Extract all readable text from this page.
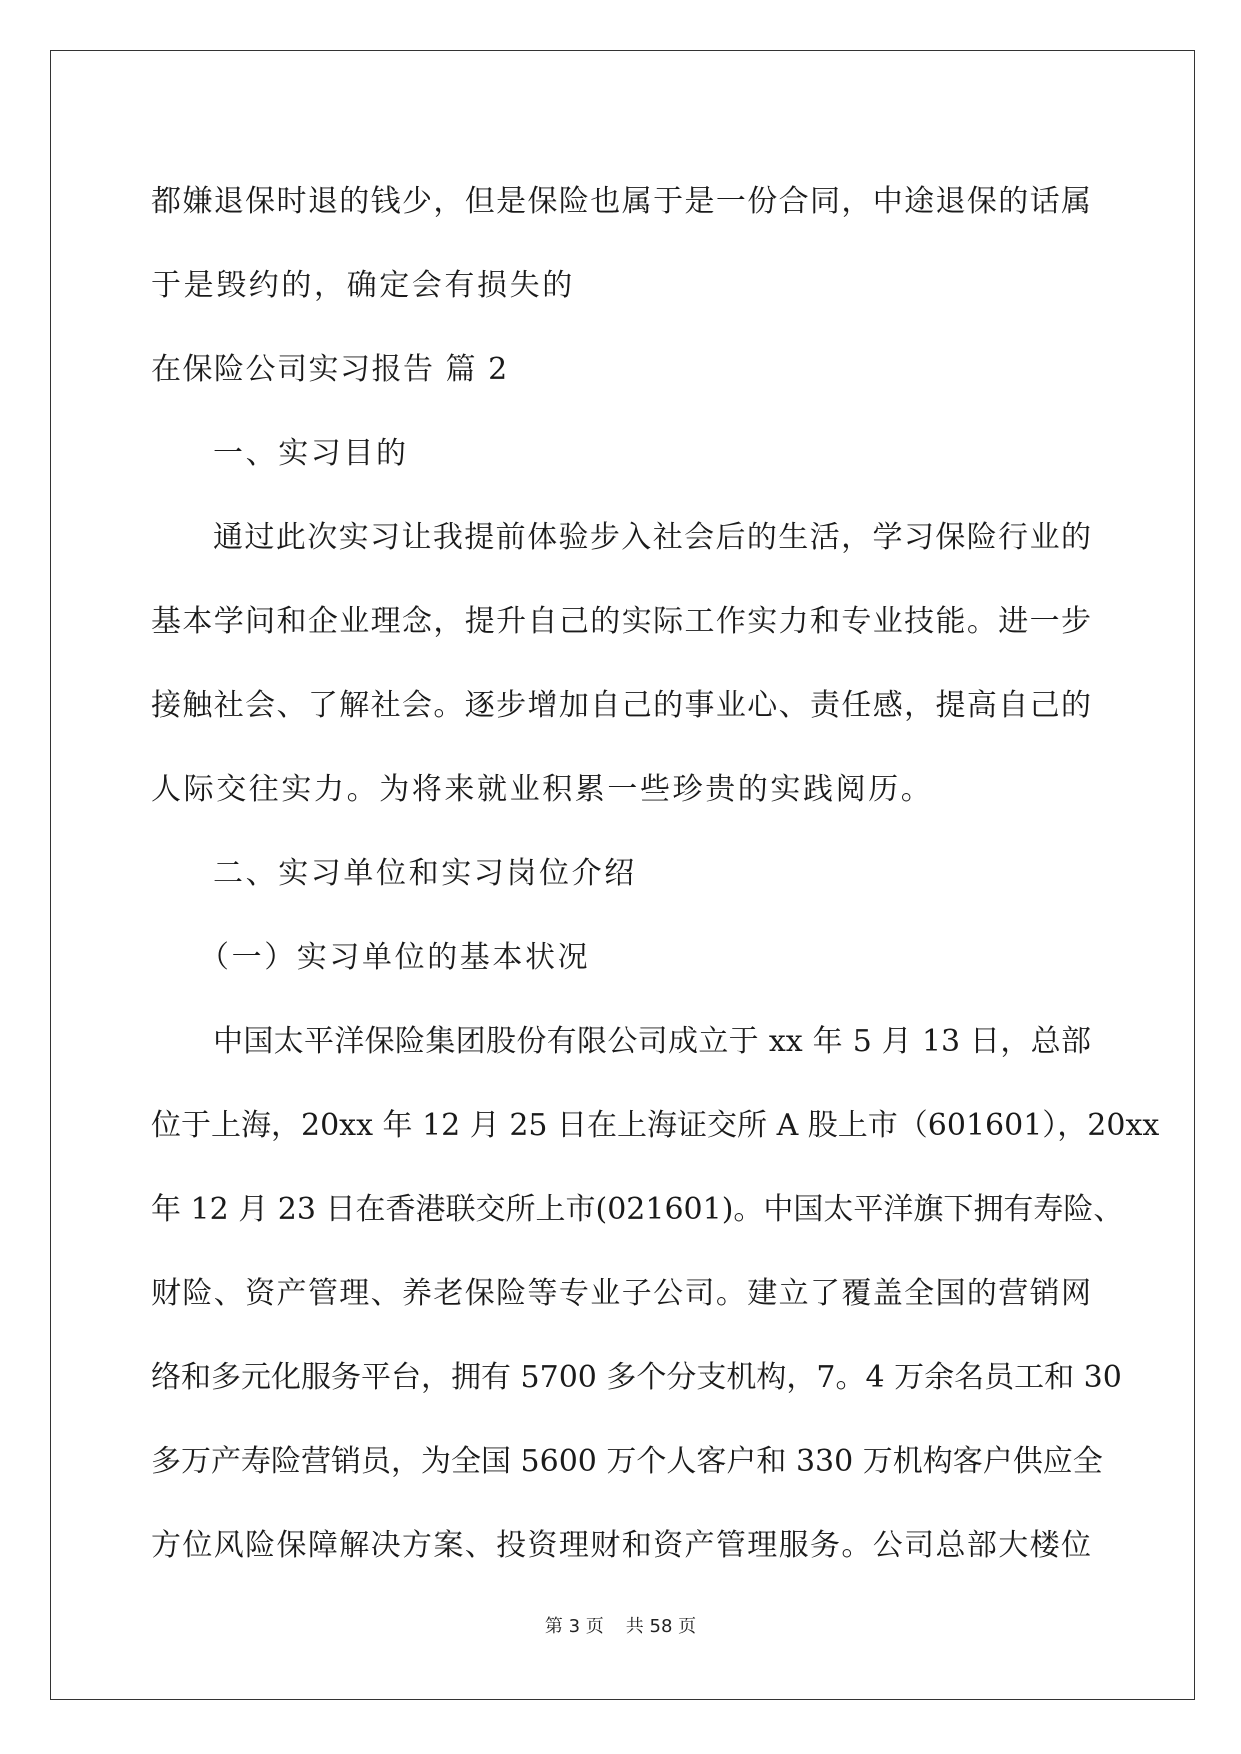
都嫌退保时退的钱少，但是保险也属于是一份合同，中途退保的话属
于是毁约的，确定会有损失的
在保险公司实习报告 篇 2
一、实习目的
通过此次实习让我提前体验步入社会后的生活，学习保险行业的
基本学问和企业理念，提升自己的实际工作实力和专业技能。进一步
接触社会、了解社会。逐步增加自己的事业心、责任感，提高自己的
人际交往实力。为将来就业积累一些珍贵的实践阅历。
二、实习单位和实习岗位介绍
（一）实习单位的基本状况
中国太平洋保险集团股份有限公司成立于 xx 年 5 月 13 日，总部
位于上海，20xx 年 12 月 25 日在上海证交所 A 股上市（601601），20xx
年 12 月 23 日在香港联交所上市(021601)。中国太平洋旗下拥有寿险、
财险、资产管理、养老保险等专业子公司。建立了覆盖全国的营销网
络和多元化服务平台，拥有 5700 多个分支机构，7。4 万余名员工和 30
多万产寿险营销员，为全国 5600 万个人客户和 330 万机构客户供应全
方位风险保障解决方案、投资理财和资产管理服务。公司总部大楼位
第 3 页 共 58 页
